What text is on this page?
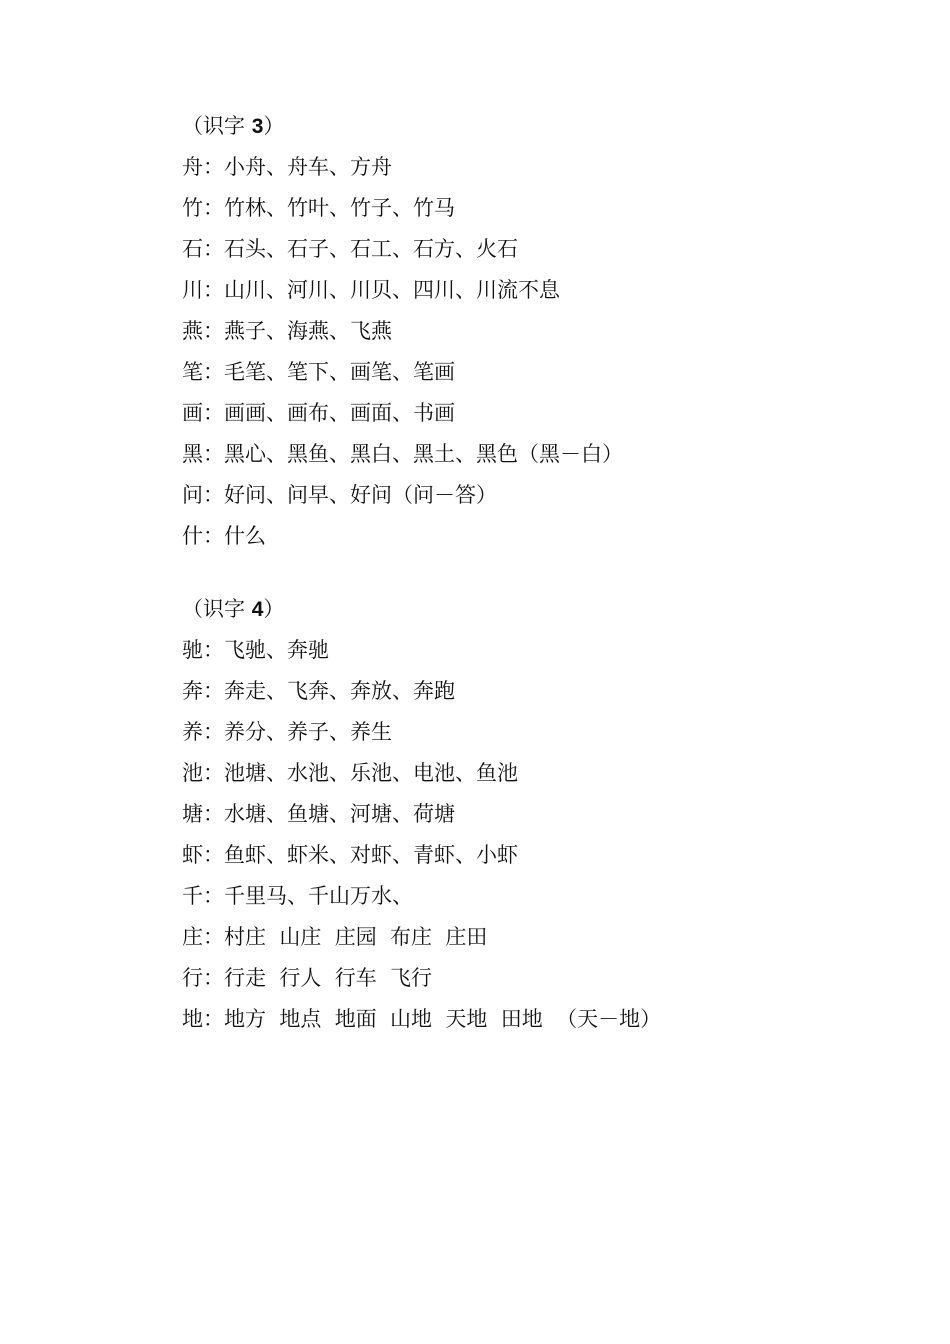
（识字 3）
舟：小舟、舟车、方舟
竹：竹林、竹叶、竹子、竹马
石：石头、石子、石工、石方、火石
川：山川、河川、川贝、四川、川流不息
燕：燕子、海燕、飞燕
笔：毛笔、笔下、画笔、笔画
画：画画、画布、画面、书画
黑：黑心、黑鱼、黑白、黑土、黑色（黑－白）
问：好问、问早、好问（问－答）
什：什么
（识字 4）
驰：飞驰、奔驰
奔：奔走、飞奔、奔放、奔跑
养：养分、养子、养生
池：池塘、水池、乐池、电池、鱼池
塘：水塘、鱼塘、河塘、荷塘
虾：鱼虾、虾米、对虾、青虾、小虾
千：千里马、千山万水、
庄：村庄  山庄  庄园  布庄  庄田
行：行走  行人  行车  飞行
地：地方  地点  地面  山地  天地  田地  （天－地）
